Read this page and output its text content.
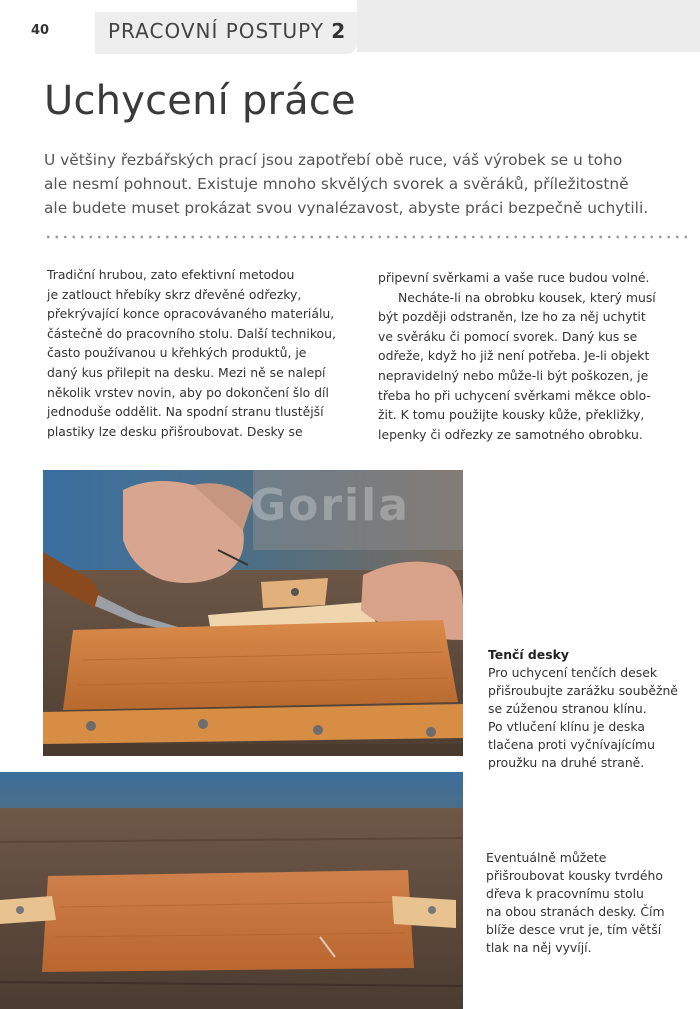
40	PRACOVNÍ POSTUPY 2
Uchycení práce
U většiny řezbářských prací jsou zapotřebí obě ruce, váš výrobek se u toho
ale nesmí pohnout. Existuje mnoho skvělých svorek a svěráků, příležitostně
ale budete muset prokázat svou vynalézavost, abyste práci bezpečně uchytili.
Tradiční hrubou, zato efektivní metodou
je zatlouct hřebíky skrz dřevěné odřezky,
překrývající konce opracovávaného materiálu,
částečně do pracovního stolu. Další technikou,
často používanou u křehkých produktů, je
daný kus přilepit na desku. Mezi ně se nalepí
několik vrstev novin, aby po dokončení šlo díl
jednoduše oddělit. Na spodní stranu tlustější
plastiky lze desku přišroubovat. Desky se
připevní svěrkami a vaše ruce budou volné.
Necháte-li na obrobku kousek, který musí
být později odstraněn, lze ho za něj uchytit
ve svěráku či pomocí svorek. Daný kus se
odřeže, když ho již není potřeba. Je-li objekt
nepravidelný nebo může-li být poškozen, je
třeba ho při uchycení svěrkami měkce oblo-
žit. K tomu použijte kousky kůže, překližky,
lepenky či odřezky ze samotného obrobku.
Gorila
Tenčí desky
Pro uchycení tenčích desek
přišroubujte zarážku souběžně
se zúženou stranou klínu.
Po vtlučení klínu je deska
tlačena proti vyčnívajícímu
proužku na druhé straně.
Eventuálně můžete
přišroubovat kousky tvrdého
dřeva k pracovnímu stolu
na obou stranách desky. Čím
blíže desce vrut je, tím větší
tlak na něj vyvíjí.
